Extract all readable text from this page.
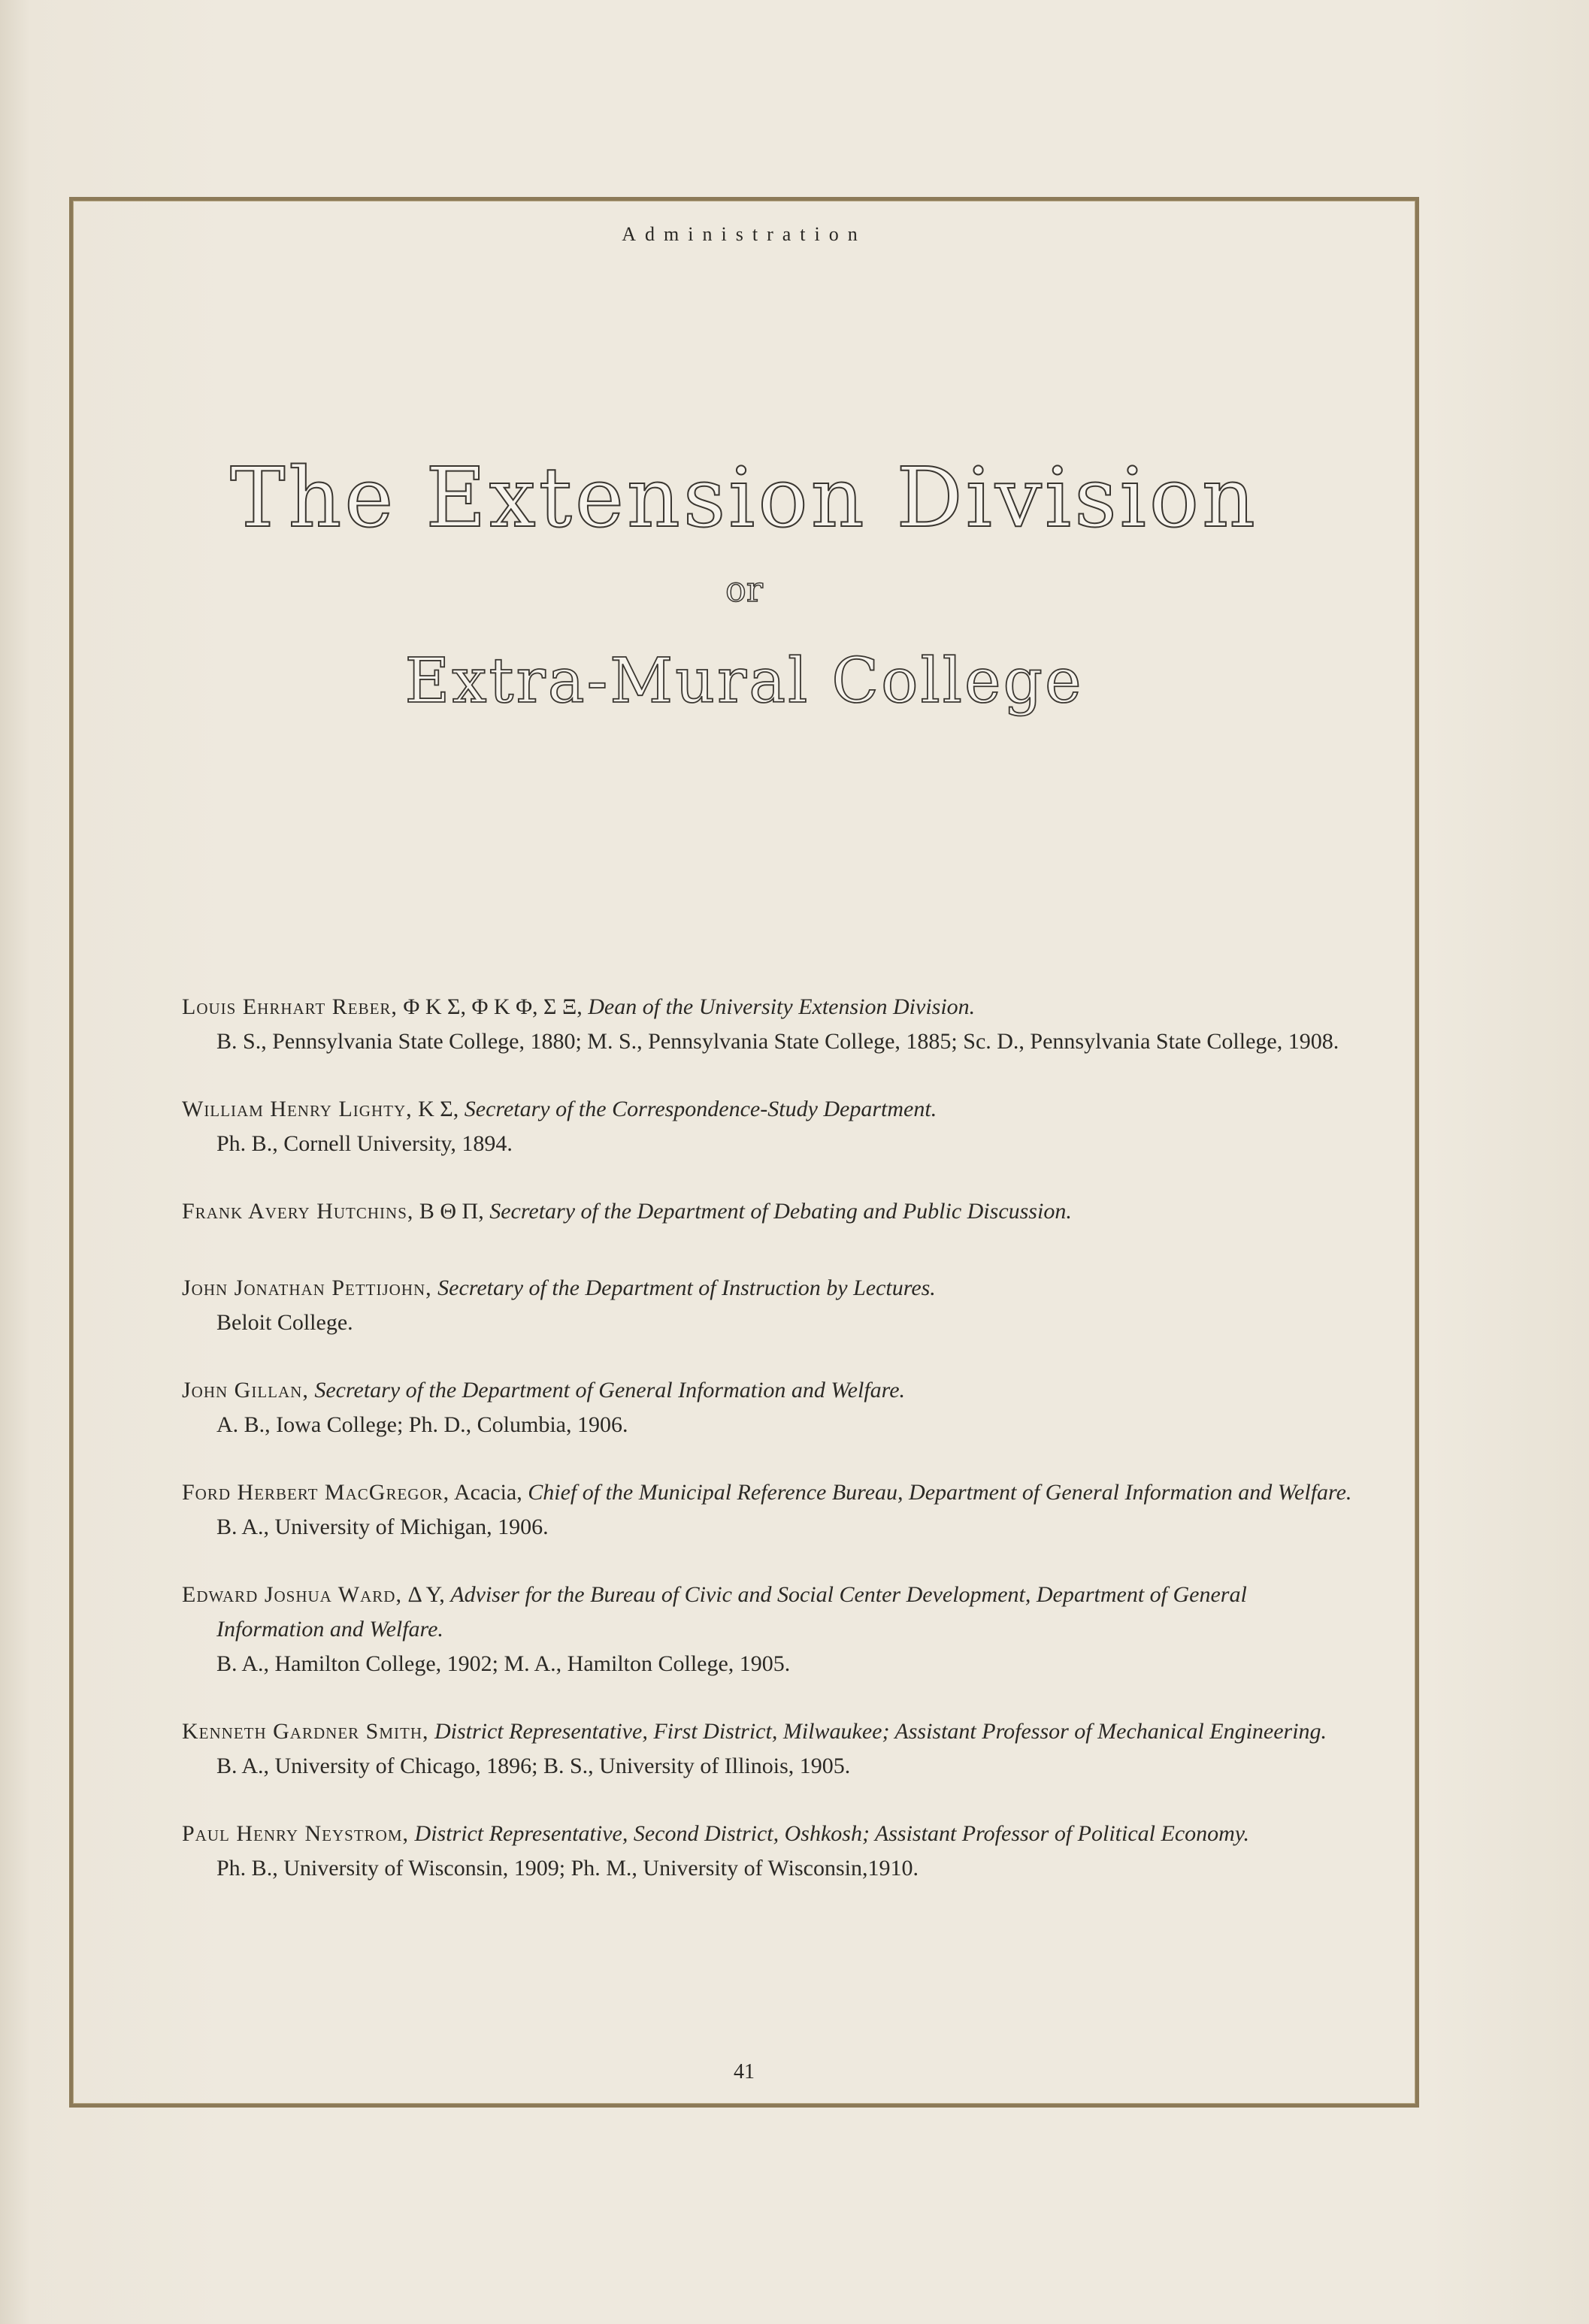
Administration
The Extension Division
or
Extra-Mural College
Louis Ehrhart Reber, Φ Κ Σ, Φ Κ Φ, Σ Ξ, Dean of the University Extension Division.
B. S., Pennsylvania State College, 1880; M. S., Pennsylvania State College, 1885; Sc. D., Pennsylvania State College, 1908.
William Henry Lighty, Κ Σ, Secretary of the Correspondence-Study Department.
Ph. B., Cornell University, 1894.
Frank Avery Hutchins, Β Θ Π, Secretary of the Department of Debating and Public Discussion.
John Jonathan Pettijohn, Secretary of the Department of Instruction by Lectures.
Beloit College.
John Gillan, Secretary of the Department of General Information and Welfare.
A. B., Iowa College; Ph. D., Columbia, 1906.
Ford Herbert MacGregor, Acacia, Chief of the Municipal Reference Bureau, Department of General Information and Welfare.
B. A., University of Michigan, 1906.
Edward Joshua Ward, Δ Υ, Adviser for the Bureau of Civic and Social Center Development, Department of General Information and Welfare.
B. A., Hamilton College, 1902; M. A., Hamilton College, 1905.
Kenneth Gardner Smith, District Representative, First District, Milwaukee; Assistant Professor of Mechanical Engineering.
B. A., University of Chicago, 1896; B. S., University of Illinois, 1905.
Paul Henry Neystrom, District Representative, Second District, Oshkosh; Assistant Professor of Political Economy.
Ph. B., University of Wisconsin, 1909; Ph. M., University of Wisconsin,1910.
41
